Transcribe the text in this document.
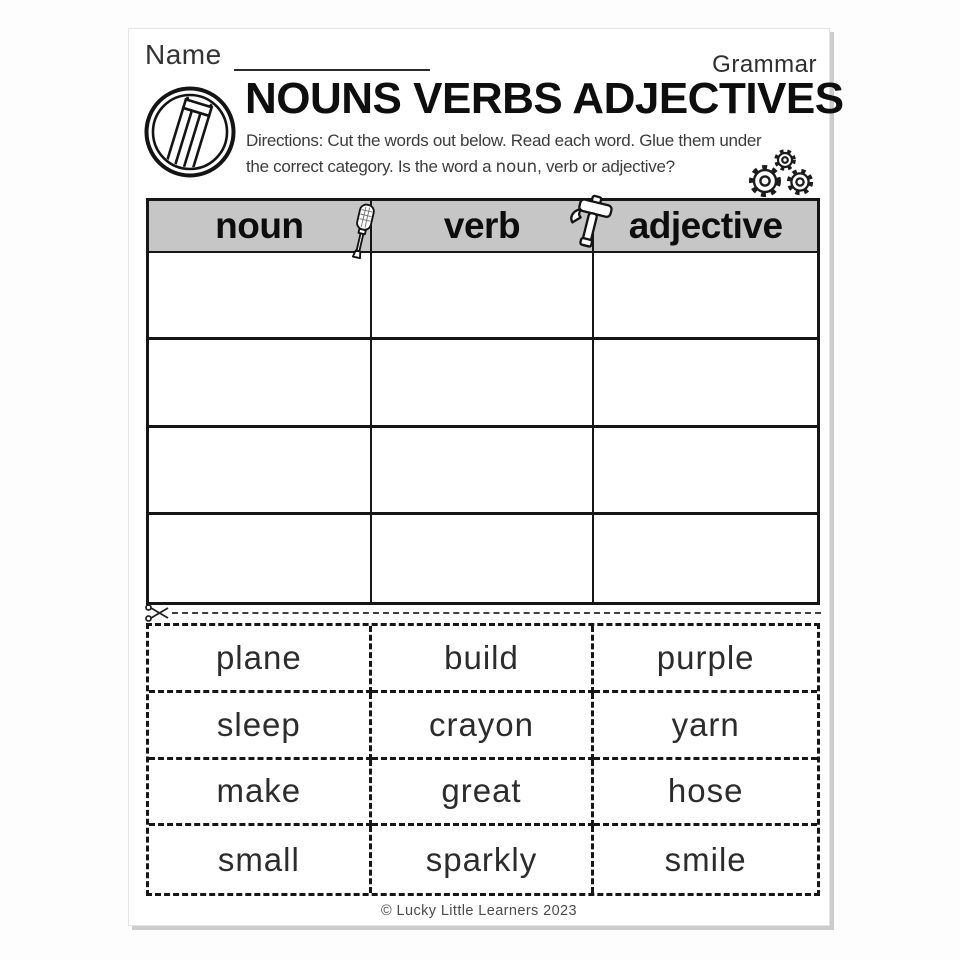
Name	Grammar
NOUNS VERBS ADJECTIVES
Directions: Cut the words out below. Read each word. Glue them under
the correct category. Is the word a noun, verb or adjective?
noun	verb	adjective
plane	build	purple
sleep	crayon	yarn
make	great	hose
small	sparkly	smile
© Lucky Little Learners 2023
